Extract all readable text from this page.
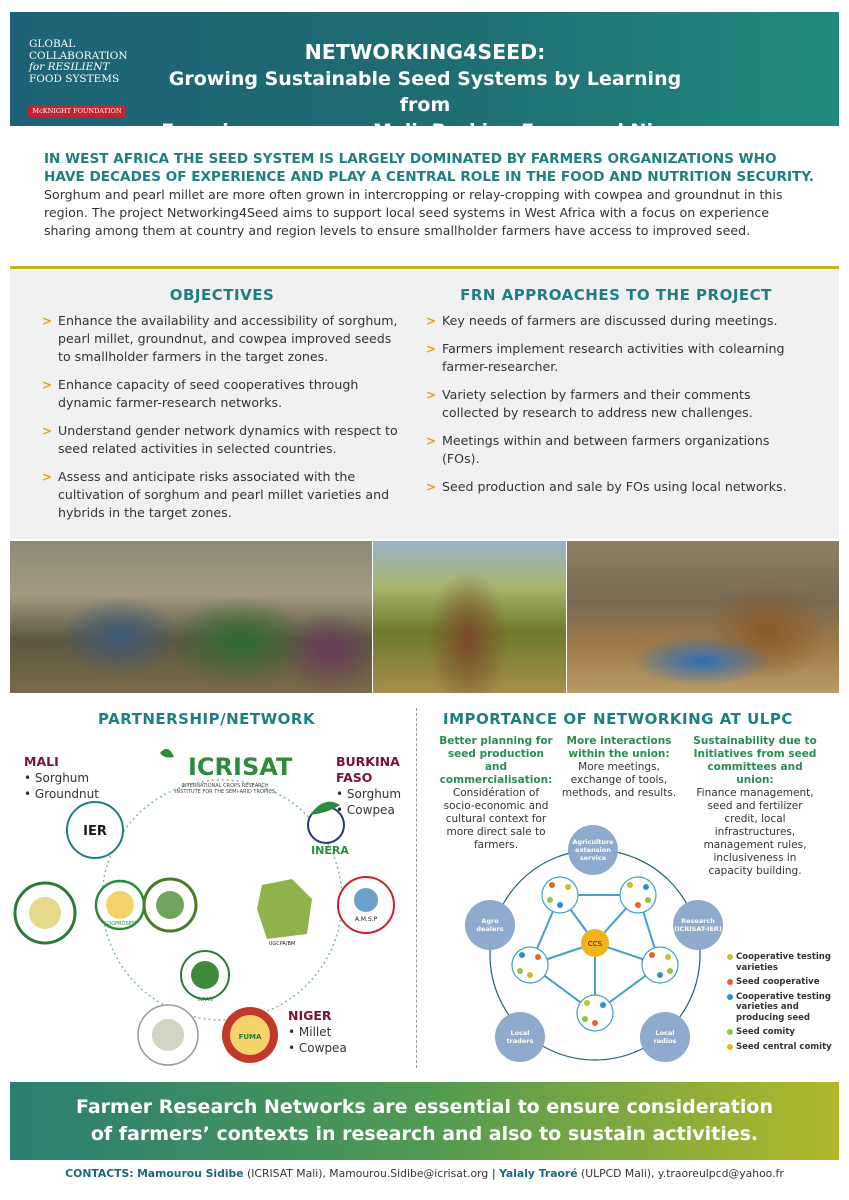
GLOBAL
COLLABORATION
for RESILIENT
FOOD SYSTEMS
McKNIGHT FOUNDATION
NETWORKING4SEED:
Growing Sustainable Seed Systems by Learning from
Experiences across Mali, Burkina Faso, and Niger
IN WEST AFRICA THE SEED SYSTEM IS LARGELY DOMINATED BY FARMERS ORGANIZATIONS WHO HAVE DECADES OF EXPERIENCE AND PLAY A CENTRAL ROLE IN THE FOOD AND NUTRITION SECURITY.
Sorghum and pearl millet are more often grown in intercropping or relay-cropping with cowpea and groundnut in this region. The project Networking4Seed aims to support local seed systems in West Africa with a focus on experience sharing among them at country and region levels to ensure smallholder farmers have access to improved seed.
OBJECTIVES
> Enhance the availability and accessibility of sorghum, pearl millet, groundnut, and cowpea improved seeds to smallholder farmers in the target zones.
> Enhance capacity of seed cooperatives through dynamic farmer-research networks.
> Understand gender network dynamics with respect to seed related activities in selected countries.
> Assess and anticipate risks associated with the cultivation of sorghum and pearl millet varieties and hybrids in the target zones.
FRN APPROACHES TO THE PROJECT
> Key needs of farmers are discussed during meetings.
> Farmers implement research activities with colearning farmer-researcher.
> Variety selection by farmers and their comments collected by research to address new challenges.
> Meetings within and between farmers organizations (FOs).
> Seed production and sale by FOs using local networks.
PARTNERSHIP/NETWORK
ICRISAT
INTERNATIONAL CROPS RESEARCH
INSTITUTE FOR THE SEMI-ARID TROPICS
IER
COOPROSEM
INERA
UGCPA/BM
A.M.S.P
INRAN
FUMA
MALI
• Sorghum
• Groundnut
BURKINA
FASO
• Sorghum
• Cowpea
NIGER
• Millet
• Cowpea
IMPORTANCE OF NETWORKING AT ULPC
Better planning for seed production and commercialisation:
Considération of socio-economic and cultural context for more direct sale to farmers.
More interactions within the union:
More meetings, exchange of tools, methods, and results.
Sustainability due to Initiatives from seed committees and union:
Finance management, seed and fertilizer credit, local infrastructures, management rules, inclusiveness in capacity building.
CCS
Agriculture
extension
service
Research
(ICRISAT-IER)
Agro
dealers
Local
traders
Local
radios
Cooperative testing varieties
Seed cooperative
Cooperative testing varieties and producing seed
Seed comity
Seed central comity
Farmer Research Networks are essential to ensure consideration
of farmers’ contexts in research and also to sustain activities.
CONTACTS: Mamourou Sidibe (ICRISAT Mali), Mamourou.Sidibe@icrisat.org | Yalaly Traoré (ULPCD Mali), y.traoreulpcd@yahoo.fr
